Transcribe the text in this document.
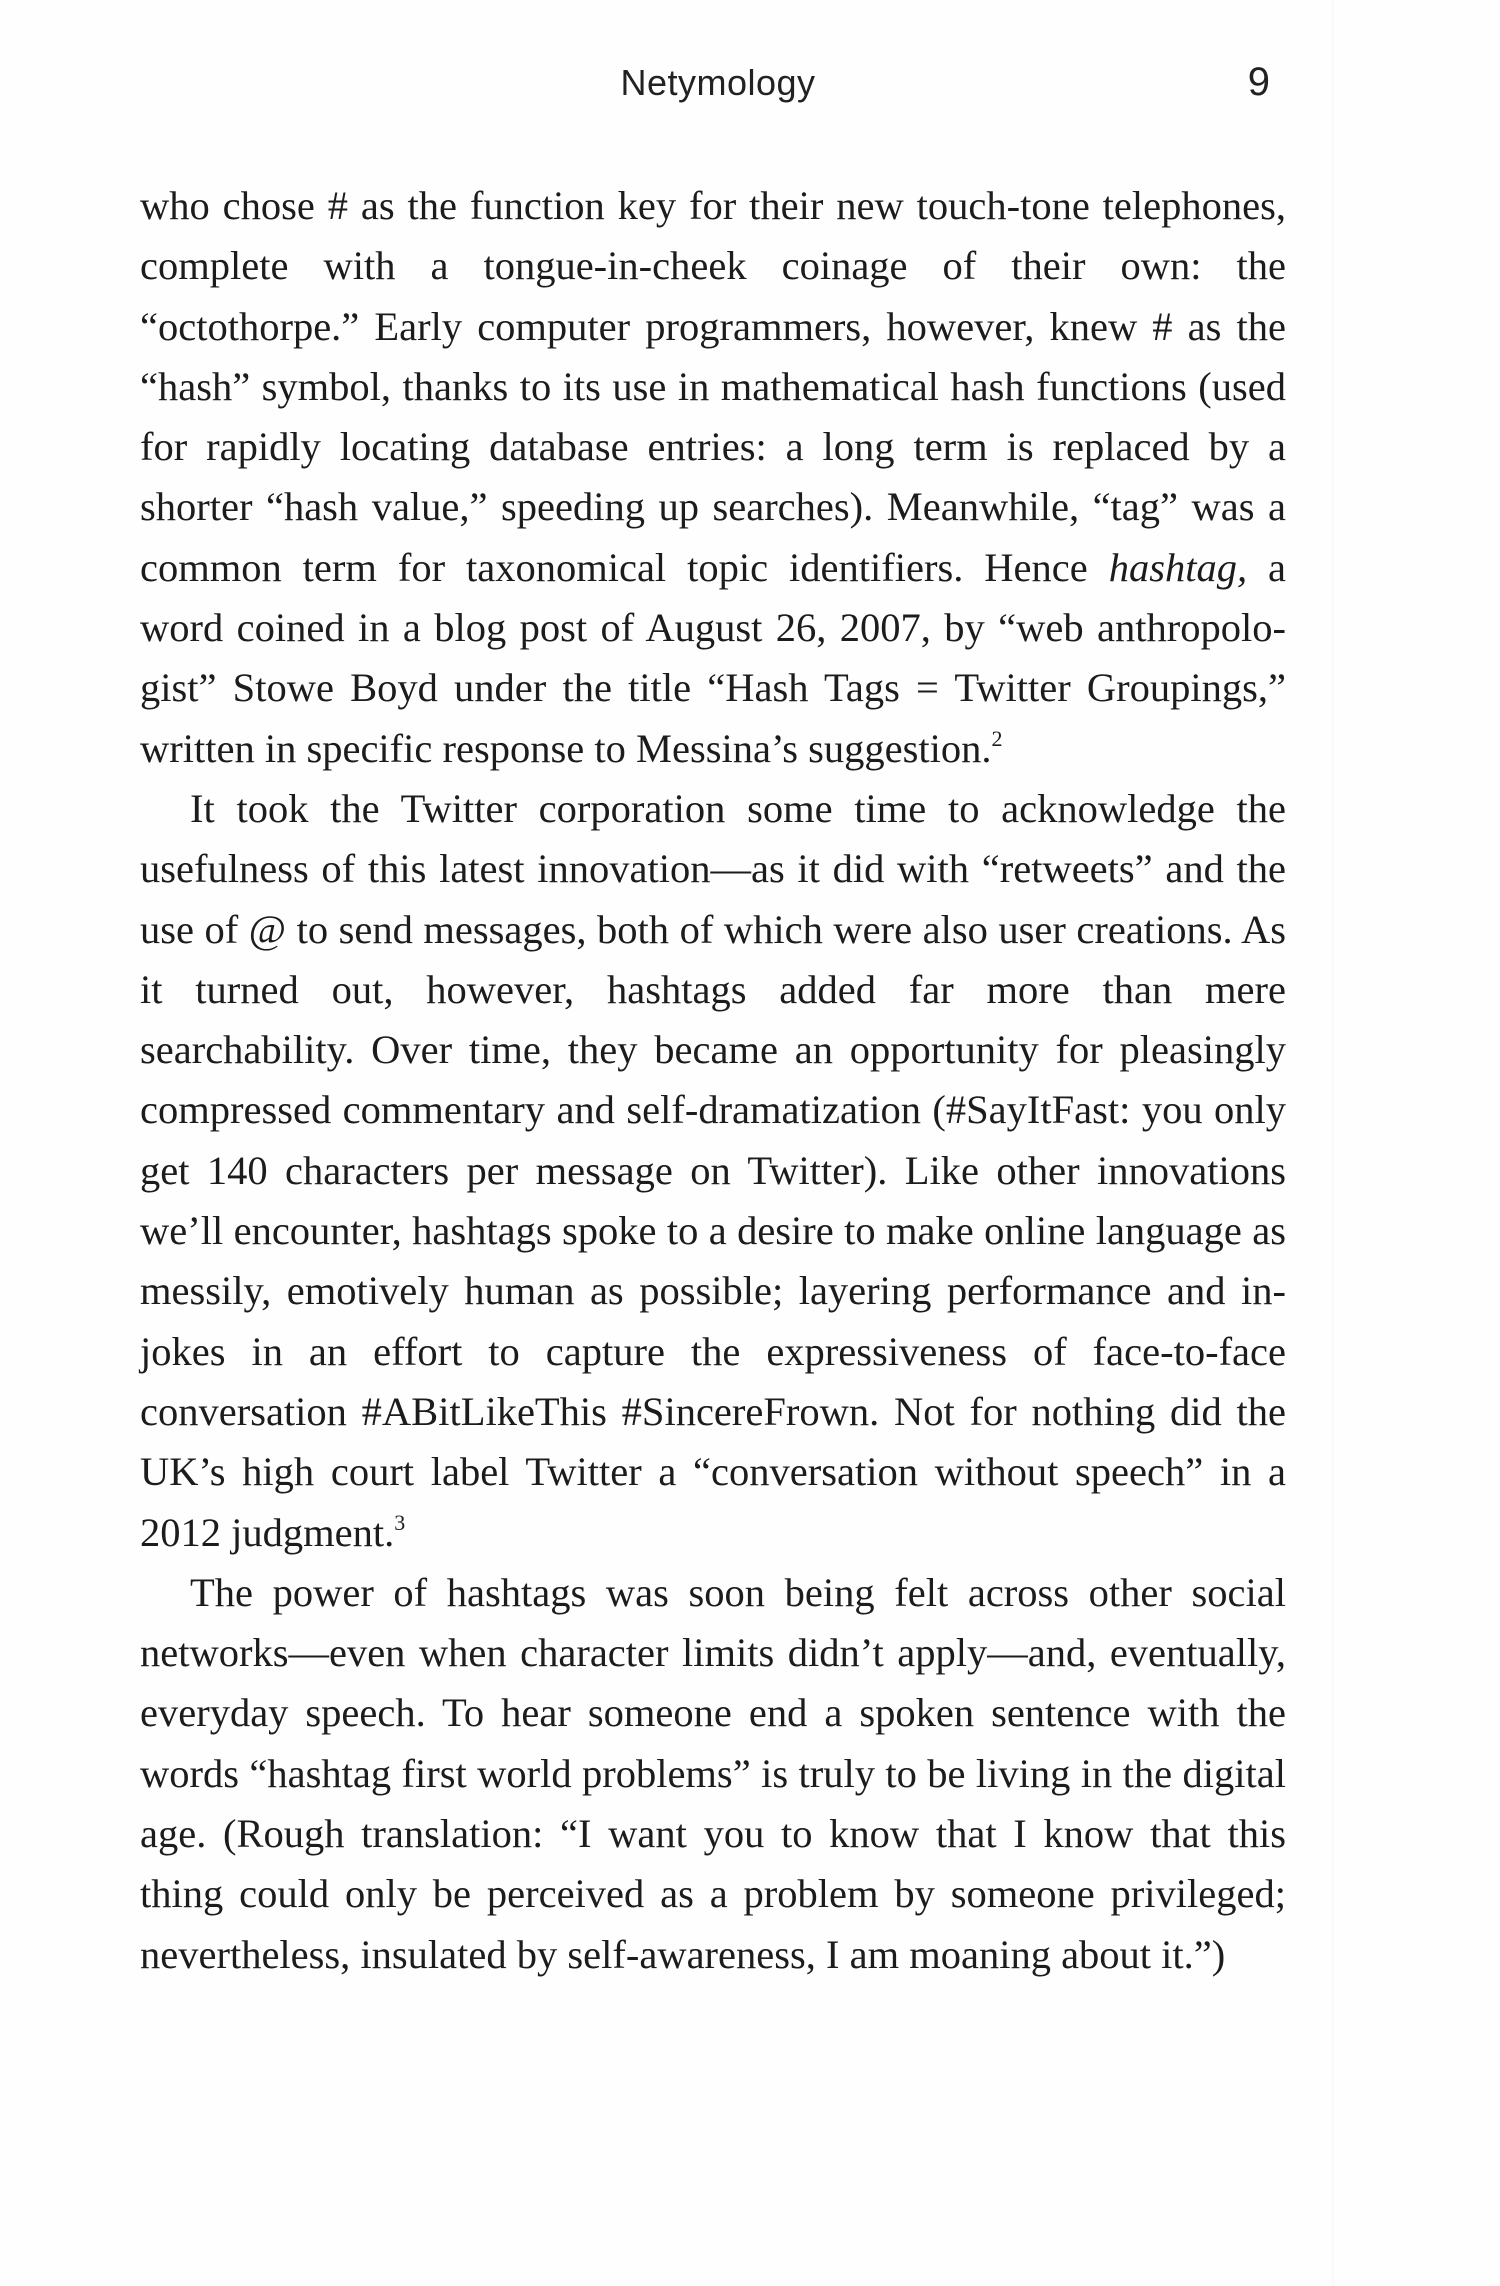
Netymology	9

who chose # as the function key for their new touch-tone telephones, complete with a tongue-in-cheek coinage of their own: the “octothorpe.” Early computer programmers, however, knew # as the “hash” symbol, thanks to its use in mathematical hash functions (used for rapidly locating database entries: a long term is replaced by a shorter “hash value,” speeding up searches). Meanwhile, “tag” was a common term for taxonomical topic identifiers. Hence hashtag, a word coined in a blog post of August 26, 2007, by “web anthropologist” Stowe Boyd under the title “Hash Tags = Twitter Groupings,” written in specific response to Messina’s suggestion.$^2$

It took the Twitter corporation some time to acknowledge the usefulness of this latest innovation—as it did with “retweets” and the use of @ to send messages, both of which were also user creations. As it turned out, however, hashtags added far more than mere searchability. Over time, they became an opportunity for pleasingly compressed commentary and self-dramatization (#SayItFast: you only get 140 characters per message on Twitter). Like other innovations we’ll encounter, hashtags spoke to a desire to make online language as messily, emotively human as possible; layering performance and in-jokes in an effort to capture the expressiveness of face-to-face conversation #ABitLikeThis #SincereFrown. Not for nothing did the UK’s high court label Twitter a “conversation without speech” in a 2012 judgment.$^3$

The power of hashtags was soon being felt across other social networks—even when character limits didn’t apply—and, eventually, everyday speech. To hear someone end a spoken sentence with the words “hashtag first world problems” is truly to be living in the digital age. (Rough translation: “I want you to know that I know that this thing could only be perceived as a problem by someone privileged; nevertheless, insulated by self-awareness, I am moaning about it.”)
